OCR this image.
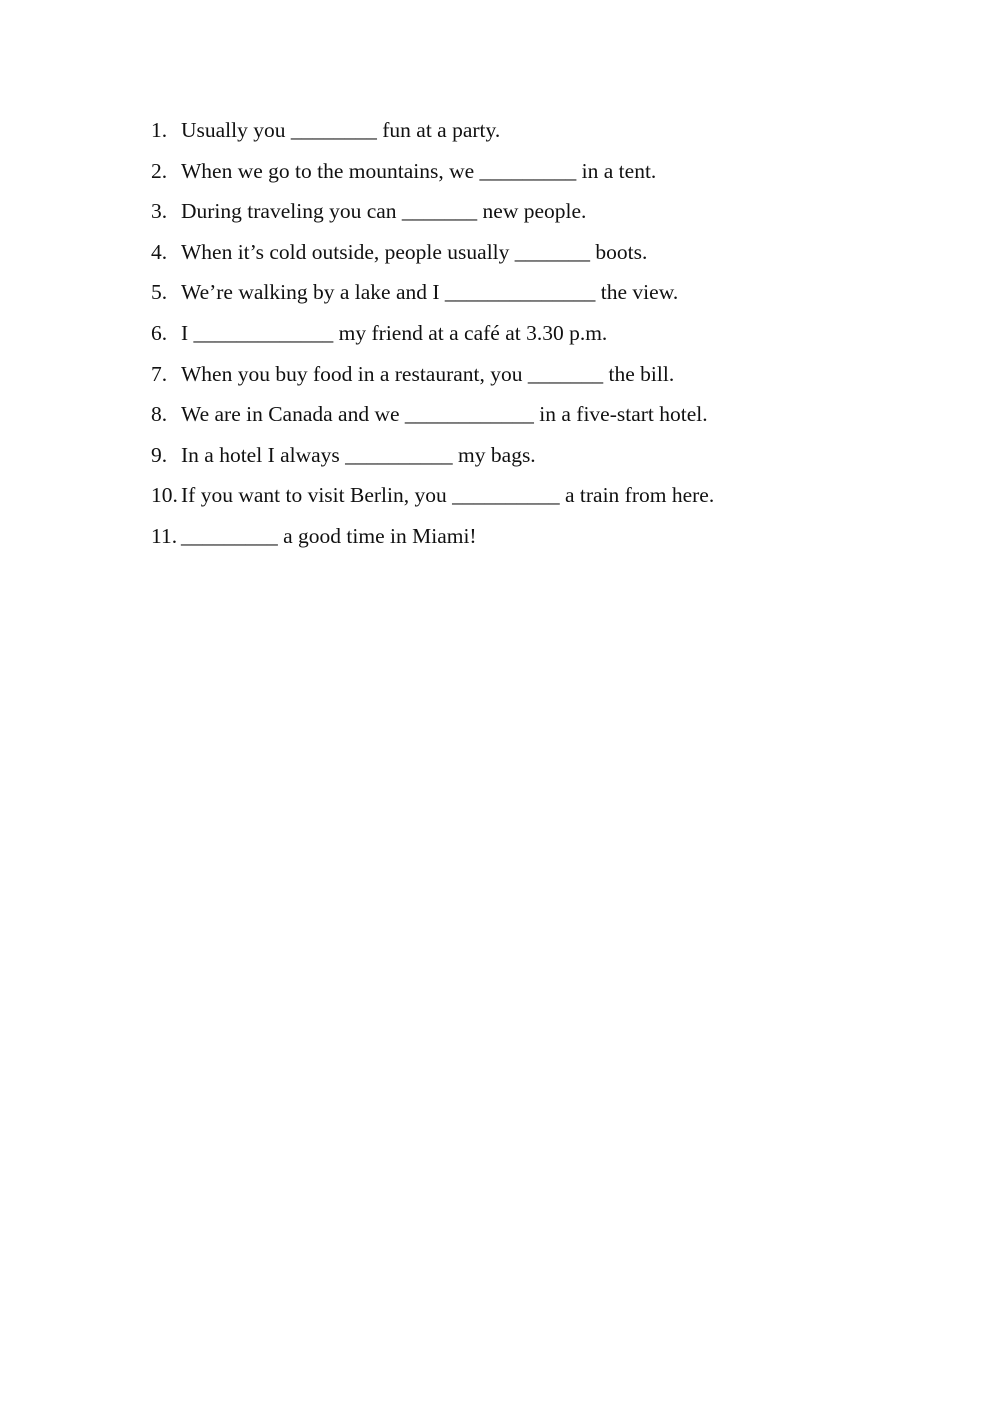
1. Usually you ________ fun at a party.
2. When we go to the mountains, we _________ in a tent.
3. During traveling you can _______ new people.
4. When it’s cold outside, people usually _______ boots.
5. We’re walking by a lake and I ______________ the view.
6. I _____________ my friend at a café at 3.30 p.m.
7. When you buy food in a restaurant, you _______ the bill.
8. We are in Canada and we ____________ in a five-start hotel.
9. In a hotel I always __________ my bags.
10. If you want to visit Berlin, you __________ a train from here.
11. _________ a good time in Miami!
